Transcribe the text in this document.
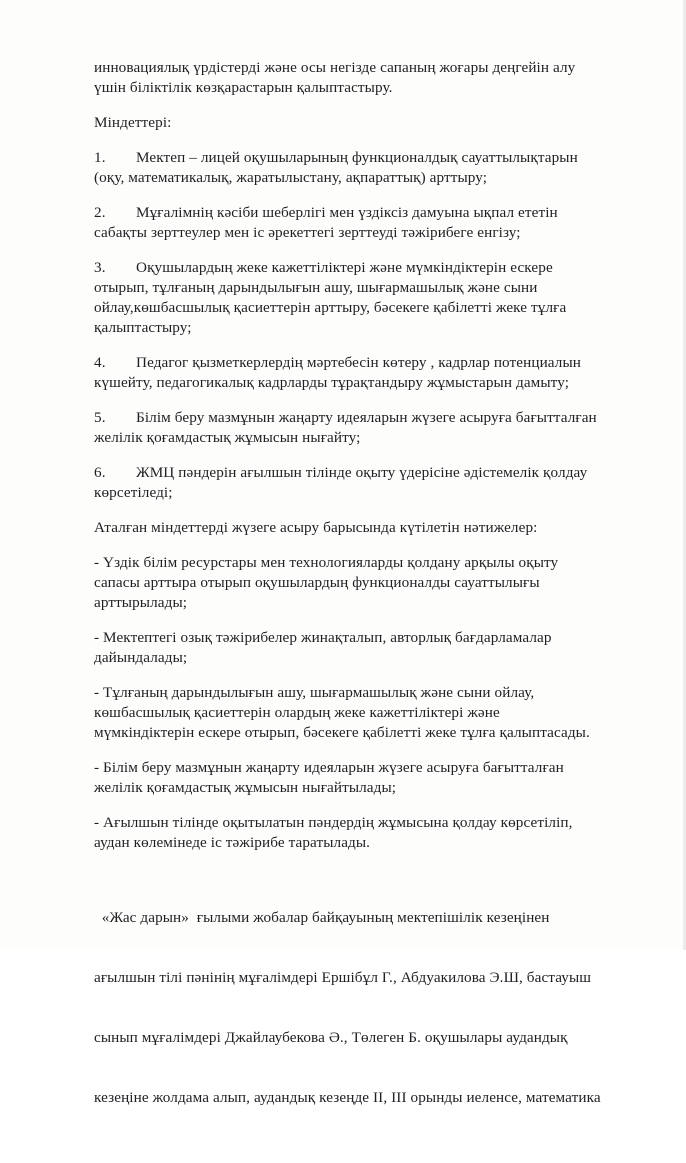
инновациялық үрдістерді және осы негізде сапаның жоғары деңгейін алу
үшін біліктілік көзқарастарын қалыптастыру.

Міндеттері:

1. Мектеп – лицей оқушыларының функционалдық сауаттылықтарын
(оқу, математикалық, жаратылыстану, ақпараттық) арттыру;

2. Мұғалімнің кәсіби шеберлігі мен үздіксіз дамуына ықпал ететін
сабақты зерттеулер мен іс әрекеттегі зерттеуді тәжірибеге енгізу;

3. Оқушылардың жеке кажеттіліктері және мүмкіндіктерін ескере
отырып, тұлғаның дарындылығын ашу, шығармашылық және сыни
ойлау,көшбасшылық қасиеттерін арттыру, бәсекеге қабілетті жеке тұлға
қалыптастыру;

4. Педагог қызметкерлердің мәртебесін көтеру , кадрлар потенциалын
күшейту, педагогикалық кадрларды тұрақтандыру жұмыстарын дамыту;

5. Білім беру мазмұнын жаңарту идеяларын жүзеге асыруға бағытталған
желілік қоғамдастық жұмысын нығайту;

6. ЖМЦ пәндерін ағылшын тілінде оқыту үдерісіне әдістемелік қолдау
көрсетіледі;

Аталған міндеттерді жүзеге асыру барысында күтілетін нәтижелер:

- Үздік білім ресурстары мен технологияларды қолдану арқылы оқыту
сапасы арттыра отырып оқушылардың функционалды сауаттылығы
арттырылады;

- Мектептегі озық тәжірибелер жинақталып, авторлық бағдарламалар
дайындалады;

- Тұлғаның дарындылығын ашу, шығармашылық және сыни ойлау,
көшбасшылық қасиеттерін олардың жеке кажеттіліктері және
мүмкіндіктерін ескере отырып, бәсекеге қабілетті жеке тұлға қалыптасады.

- Білім беру мазмұнын жаңарту идеяларын жүзеге асыруға бағытталған
желілік қоғамдастық жұмысын нығайтылады;

- Ағылшын тілінде оқытылатын пәндердің жұмысына қолдау көрсетіліп,
аудан көлемінеде іс тәжірибе таратылады.

«Жас дарын»  ғылыми жобалар байқауының мектепішілік кезеңінен

ағылшын тілі пәнінің мұғалімдері Ершібұл Г., Абдуакилова Э.Ш, бастауыш

сынып мұғалімдері Джайлаубекова Ә., Төлеген Б. оқушылары аудандық

кезеңіне жолдама алып, аудандық кезеңде II, III орынды иеленсе, математика
